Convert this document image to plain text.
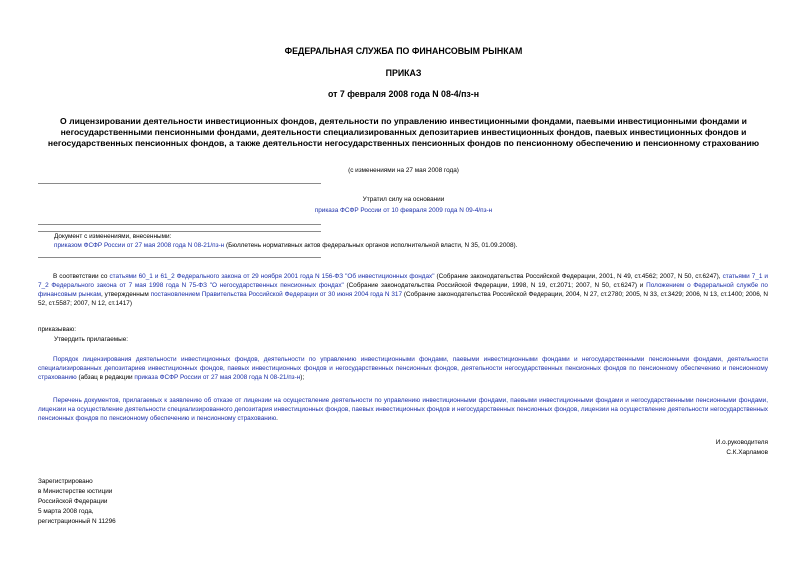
ФЕДЕРАЛЬНАЯ СЛУЖБА ПО ФИНАНСОВЫМ РЫНКАМ
ПРИКАЗ
от 7 февраля 2008 года N 08-4/пз-н
О лицензировании деятельности инвестиционных фондов, деятельности по управлению инвестиционными фондами, паевыми инвестиционными фондами и негосударственными пенсионными фондами, деятельности специализированных депозитариев инвестиционных фондов, паевых инвестиционных фондов и негосударственных пенсионных фондов, а также деятельности негосударственных пенсионных фондов по пенсионному обеспечению и пенсионному страхованию
(с изменениями на 27 мая 2008 года)
Утратил силу на основании
приказа ФСФР России от 10 февраля 2009 года N 09-4/пз-н
Документ с изменениями, внесенными:
приказом ФСФР России от 27 мая 2008 года N 08-21/пз-н (Бюллетень нормативных актов федеральных органов исполнительной власти, N 35, 01.09.2008).
В соответствии со статьями 60_1 и 61_2 Федерального закона от 29 ноября 2001 года N 156-ФЗ "Об инвестиционных фондах" (Собрание законодательства Российской Федерации, 2001, N 49, ст.4562; 2007, N 50, ст.6247), статьями 7_1 и 7_2 Федерального закона от 7 мая 1998 года N 75-ФЗ "О негосударственных пенсионных фондах" (Собрание законодательства Российской Федерации, 1998, N 19, ст.2071; 2007, N 50, ст.6247) и Положением о Федеральной службе по финансовым рынкам, утвержденным постановлением Правительства Российской Федерации от 30 июня 2004 года N 317 (Собрание законодательства Российской Федерации, 2004, N 27, ст.2780; 2005, N 33, ст.3429; 2006, N 13, ст.1400; 2006, N 52, ст.5587; 2007, N 12, ст.1417)
приказываю:
Утвердить прилагаемые:
Порядок лицензирования деятельности инвестиционных фондов, деятельности по управлению инвестиционными фондами, паевыми инвестиционными фондами и негосударственными пенсионными фондами, деятельности специализированных депозитариев инвестиционных фондов, паевых инвестиционных фондов и негосударственных пенсионных фондов, деятельности негосударственных пенсионных фондов по пенсионному обеспечению и пенсионному страхованию (абзац в редакции приказа ФСФР России от 27 мая 2008 года N 08-21/пз-н);
Перечень документов, прилагаемых к заявлению об отказе от лицензии на осуществление деятельности по управлению инвестиционными фондами, паевыми инвестиционными фондами и негосударственными пенсионными фондами, лицензии на осуществление деятельности специализированного депозитария инвестиционных фондов, паевых инвестиционных фондов и негосударственных пенсионных фондов, лицензии на осуществление деятельности негосударственных пенсионных фондов по пенсионному обеспечению и пенсионному страхованию.
И.о.руководителя
С.К.Харламов
Зарегистрировано
в Министерстве юстиции
Российской Федерации
5 марта 2008 года,
регистрационный N 11296
